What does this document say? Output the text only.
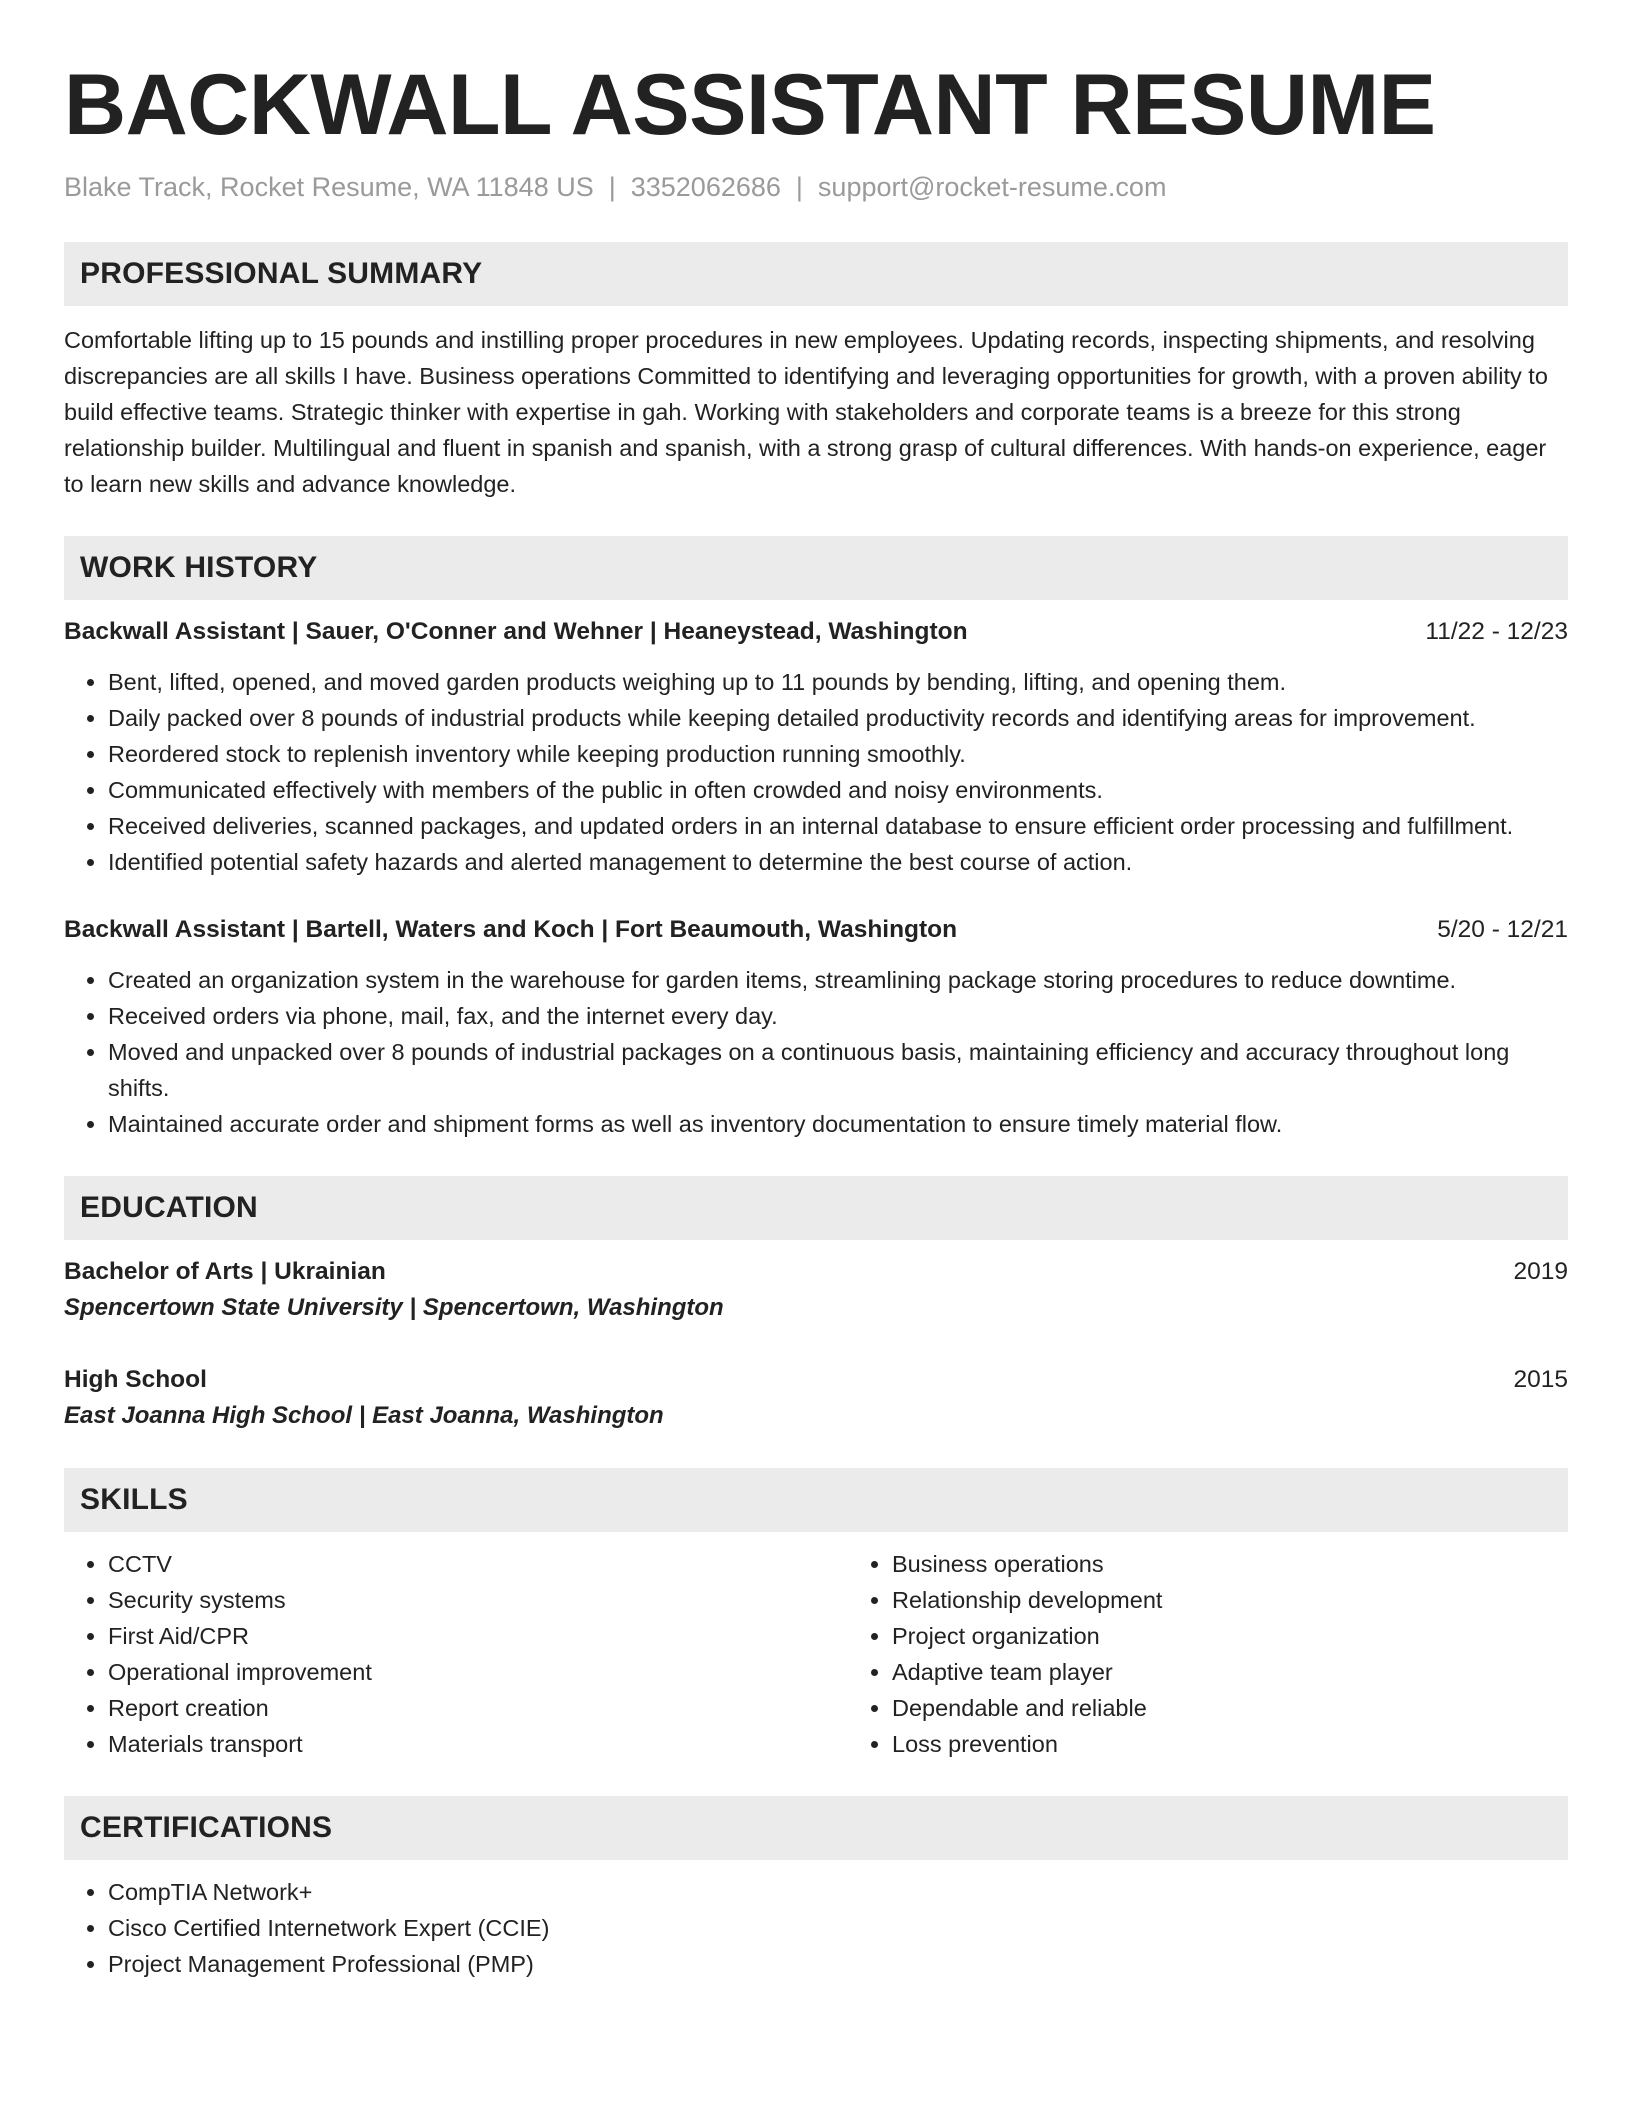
BACKWALL ASSISTANT RESUME
Blake Track, Rocket Resume, WA 11848 US | 3352062686 | support@rocket-resume.com
PROFESSIONAL SUMMARY

Comfortable lifting up to 15 pounds and instilling proper procedures in new employees. Updating records, inspecting shipments, and resolving discrepancies are all skills I have. Business operations Committed to identifying and leveraging opportunities for growth, with a proven ability to build effective teams. Strategic thinker with expertise in gah. Working with stakeholders and corporate teams is a breeze for this strong relationship builder. Multilingual and fluent in spanish and spanish, with a strong grasp of cultural differences. With hands-on experience, eager to learn new skills and advance knowledge.

WORK HISTORY
Backwall Assistant | Sauer, O'Conner and Wehner | Heaneystead, Washington	11/22 - 12/23
• Bent, lifted, opened, and moved garden products weighing up to 11 pounds by bending, lifting, and opening them.
• Daily packed over 8 pounds of industrial products while keeping detailed productivity records and identifying areas for improvement.
• Reordered stock to replenish inventory while keeping production running smoothly.
• Communicated effectively with members of the public in often crowded and noisy environments.
• Received deliveries, scanned packages, and updated orders in an internal database to ensure efficient order processing and fulfillment.
• Identified potential safety hazards and alerted management to determine the best course of action.
Backwall Assistant | Bartell, Waters and Koch | Fort Beaumouth, Washington	5/20 - 12/21
• Created an organization system in the warehouse for garden items, streamlining package storing procedures to reduce downtime.
• Received orders via phone, mail, fax, and the internet every day.
• Moved and unpacked over 8 pounds of industrial packages on a continuous basis, maintaining efficiency and accuracy throughout long shifts.
• Maintained accurate order and shipment forms as well as inventory documentation to ensure timely material flow.
EDUCATION
Bachelor of Arts | Ukrainian	2019
Spencertown State University | Spencertown, Washington
High School	2015
East Joanna High School | East Joanna, Washington
SKILLS
• CCTV
• Security systems
• First Aid/CPR
• Operational improvement
• Report creation
• Materials transport
• Business operations
• Relationship development
• Project organization
• Adaptive team player
• Dependable and reliable
• Loss prevention
CERTIFICATIONS
• CompTIA Network+
• Cisco Certified Internetwork Expert (CCIE)
• Project Management Professional (PMP)
